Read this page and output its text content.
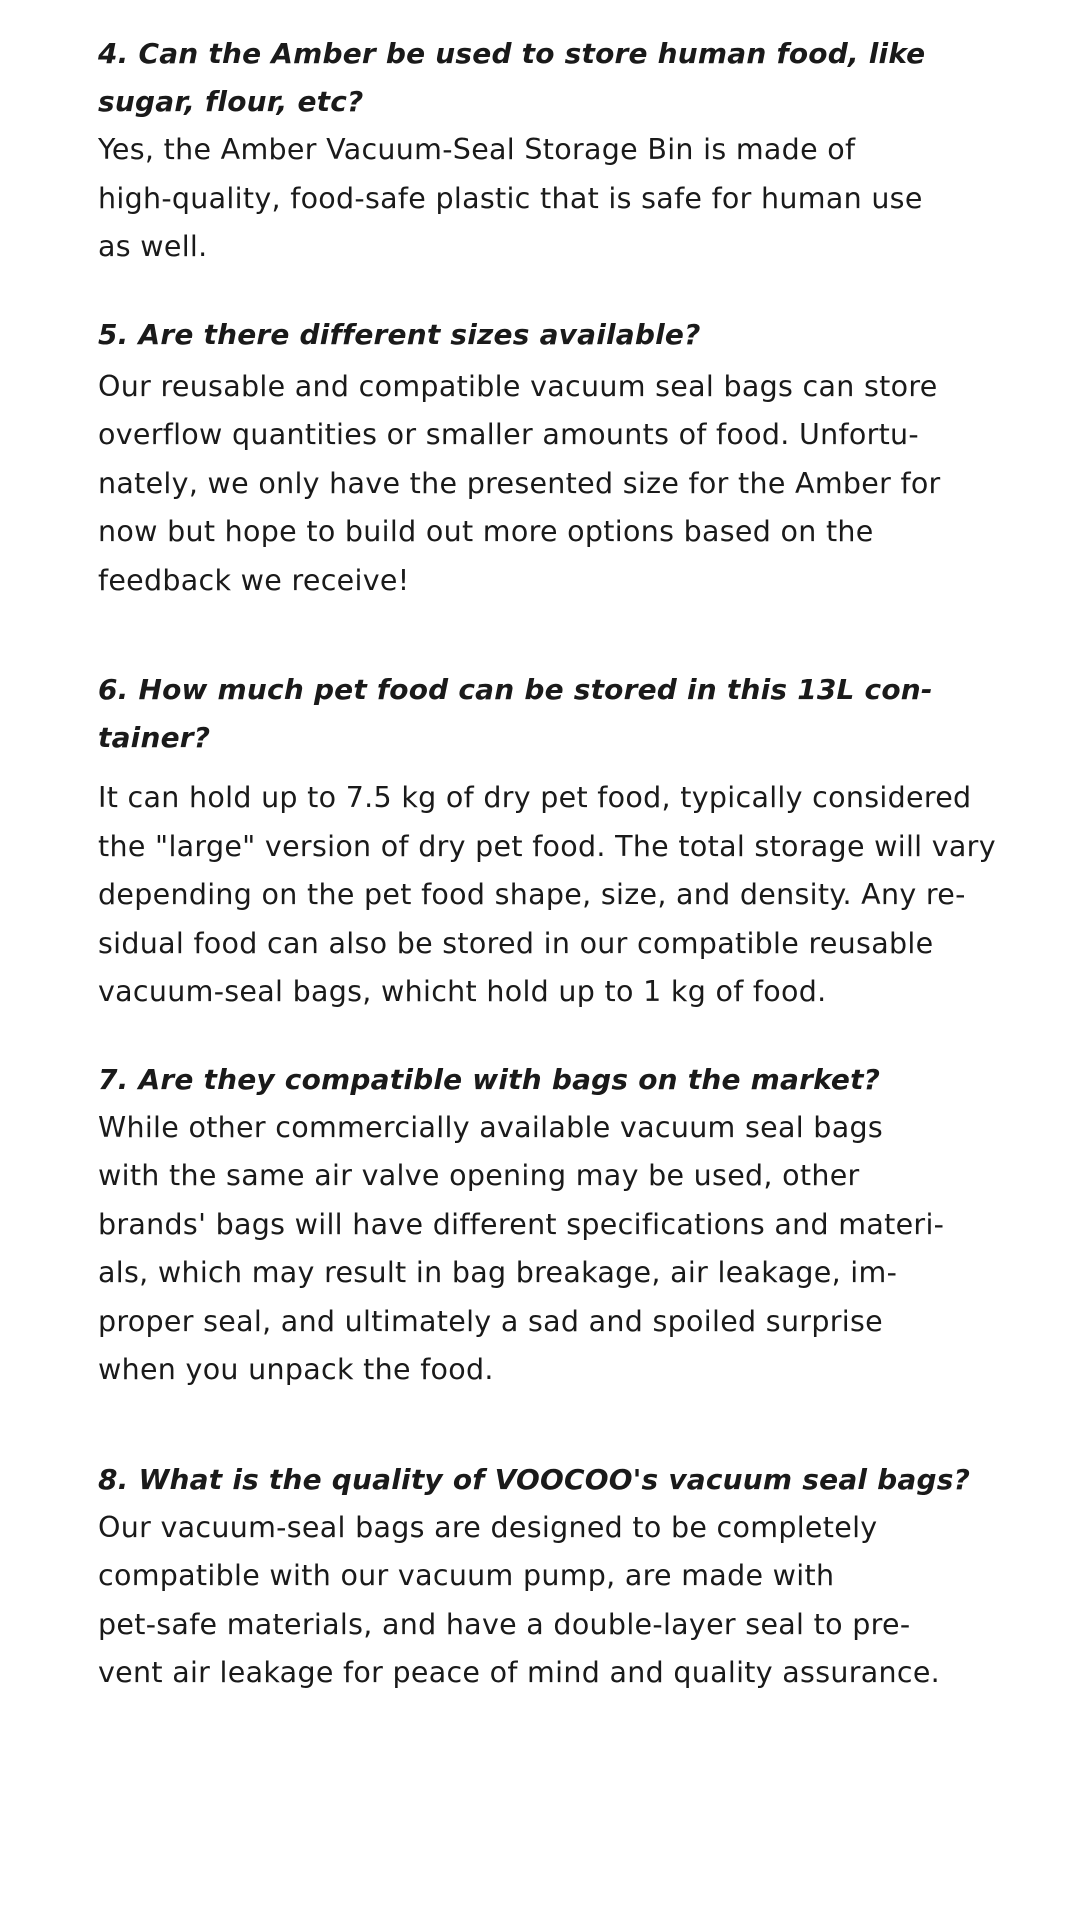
4. Can the Amber be used to store human food, like
sugar, flour, etc?

Yes, the Amber Vacuum-Seal Storage Bin is made of
high-quality, food-safe plastic that is safe for human use
as well.

5. Are there different sizes available?

Our reusable and compatible vacuum seal bags can store
overflow quantities or smaller amounts of food. Unfortu-
nately, we only have the presented size for the Amber for
now but hope to build out more options based on the
feedback we receive!

6. How much pet food can be stored in this 13L con-
tainer?

It can hold up to 7.5 kg of dry pet food, typically considered
the "large" version of dry pet food. The total storage will vary
depending on the pet food shape, size, and density. Any re-
sidual food can also be stored in our compatible reusable
vacuum-seal bags, whicht hold up to 1 kg of food.

7. Are they compatible with bags on the market?

While other commercially available vacuum seal bags
with the same air valve opening may be used, other
brands' bags will have different specifications and materi-
als, which may result in bag breakage, air leakage, im-
proper seal, and ultimately a sad and spoiled surprise
when you unpack the food.

8. What is the quality of VOOCOO's vacuum seal bags?

Our vacuum-seal bags are designed to be completely
compatible with our vacuum pump, are made with
pet-safe materials, and have a double-layer seal to pre-
vent air leakage for peace of mind and quality assurance.
